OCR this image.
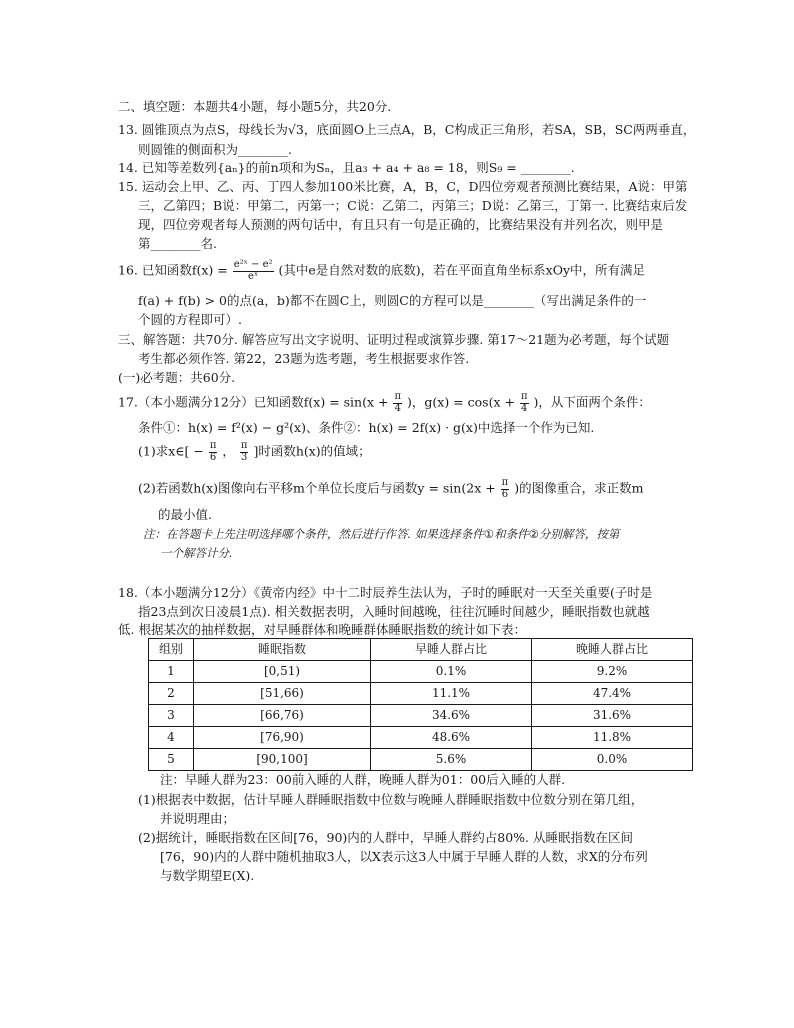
二、填空题：本题共4小题，每小题5分，共20分.
13. 圆锥顶点为点S，母线长为√3，底面圆O上三点A，B，C构成正三角形，若SA，SB，SC两两垂直，
则圆锥的侧面积为________.
14. 已知等差数列{aₙ}的前n项和为Sₙ，且a₃ + a₄ + a₈ = 18，则S₉ = ________.
15. 运动会上甲、乙、丙、丁四人参加100米比赛，A，B，C，D四位旁观者预测比赛结果，A说：甲第
三，乙第四；B说：甲第二，丙第一；C说：乙第二，丙第三；D说：乙第三，丁第一. 比赛结束后发
现，四位旁观者每人预测的两句话中，有且只有一句是正确的，比赛结果没有并列名次，则甲是
第________名.
16. 已知函数$f(x) = \frac{\text{e²ˣ − e²}}{\text{eˣ}}$ (其中e是自然对数的底数)，若在平面直角坐标系xOy中，所有满足
f(a) + f(b) > 0的点(a，b)都不在圆C上，则圆C的方程可以是________（写出满足条件的一
个圆的方程即可）.
三、解答题：共70分. 解答应写出文字说明、证明过程或演算步骤. 第17～21题为必考题，每个试题
考生都必须作答. 第22，23题为选考题，考生根据要求作答.
(一)必考题：共60分.
17.（本小题满分12分）已知函数$f(x) = \sin(x + \frac{\pi}{4}$ )，$g(x) = \cos(x + \frac{\pi}{4}$ )，从下面两个条件：
条件①：h(x) = f²(x) − g²(x)、条件②：h(x) = 2f(x) · g(x)中选择一个作为已知.
(1)求x∈[ − $\frac{\pi}{6}$ ， $\frac{\pi}{3}$ ]时函数h(x)的值域；
(2)若函数h(x)图像向右平移m个单位长度后与函数$y = \sin(2x + \frac{\pi}{6}$ )的图像重合，求正数m
的最小值.
注：在答题卡上先注明选择哪个条件，然后进行作答. 如果选择条件①和条件②分别解答，按第
一个解答计分.
18.（本小题满分12分）《黄帝内经》中十二时辰养生法认为，子时的睡眠对一天至关重要(子时是
指23点到次日凌晨1点). 相关数据表明，入睡时间越晚，往往沉睡时间越少，睡眠指数也就越
低. 根据某次的抽样数据，对早睡群体和晚睡群体睡眠指数的统计如下表：
组别	睡眠指数	早睡人群占比	晚睡人群占比
1	[0,51)	0.1%	9.2%
2	[51,66)	11.1%	47.4%
3	[66,76)	34.6%	31.6%
4	[76,90)	48.6%	11.8%
5	[90,100]	5.6%	0.0%
注：早睡人群为23：00前入睡的人群，晚睡人群为01：00后入睡的人群.
(1)根据表中数据，估计早睡人群睡眠指数中位数与晚睡人群睡眠指数中位数分别在第几组，
并说明理由；
(2)据统计，睡眠指数在区间[76，90)内的人群中，早睡人群约占80%. 从睡眠指数在区间
[76，90)内的人群中随机抽取3人，以X表示这3人中属于早睡人群的人数，求X的分布列
与数学期望E(X).
